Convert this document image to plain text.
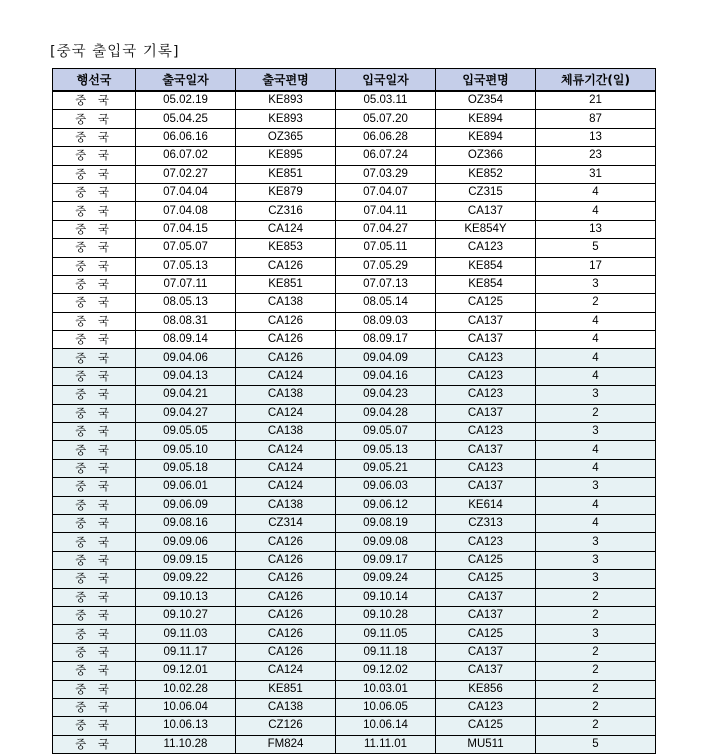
[중국 출입국 기록]
행선국	출국일자	출국편명	입국일자	입국편명	체류기간(일)
중 국	05.02.19	KE893	05.03.11	OZ354	21
중 국	05.04.25	KE893	05.07.20	KE894	87
중 국	06.06.16	OZ365	06.06.28	KE894	13
중 국	06.07.02	KE895	06.07.24	OZ366	23
중 국	07.02.27	KE851	07.03.29	KE852	31
중 국	07.04.04	KE879	07.04.07	CZ315	4
중 국	07.04.08	CZ316	07.04.11	CA137	4
중 국	07.04.15	CA124	07.04.27	KE854Y	13
중 국	07.05.07	KE853	07.05.11	CA123	5
중 국	07.05.13	CA126	07.05.29	KE854	17
중 국	07.07.11	KE851	07.07.13	KE854	3
중 국	08.05.13	CA138	08.05.14	CA125	2
중 국	08.08.31	CA126	08.09.03	CA137	4
중 국	08.09.14	CA126	08.09.17	CA137	4
중 국	09.04.06	CA126	09.04.09	CA123	4
중 국	09.04.13	CA124	09.04.16	CA123	4
중 국	09.04.21	CA138	09.04.23	CA123	3
중 국	09.04.27	CA124	09.04.28	CA137	2
중 국	09.05.05	CA138	09.05.07	CA123	3
중 국	09.05.10	CA124	09.05.13	CA137	4
중 국	09.05.18	CA124	09.05.21	CA123	4
중 국	09.06.01	CA124	09.06.03	CA137	3
중 국	09.06.09	CA138	09.06.12	KE614	4
중 국	09.08.16	CZ314	09.08.19	CZ313	4
중 국	09.09.06	CA126	09.09.08	CA123	3
중 국	09.09.15	CA126	09.09.17	CA125	3
중 국	09.09.22	CA126	09.09.24	CA125	3
중 국	09.10.13	CA126	09.10.14	CA137	2
중 국	09.10.27	CA126	09.10.28	CA137	2
중 국	09.11.03	CA126	09.11.05	CA125	3
중 국	09.11.17	CA126	09.11.18	CA137	2
중 국	09.12.01	CA124	09.12.02	CA137	2
중 국	10.02.28	KE851	10.03.01	KE856	2
중 국	10.06.04	CA138	10.06.05	CA123	2
중 국	10.06.13	CZ126	10.06.14	CA125	2
중 국	11.10.28	FM824	11.11.01	MU511	5
